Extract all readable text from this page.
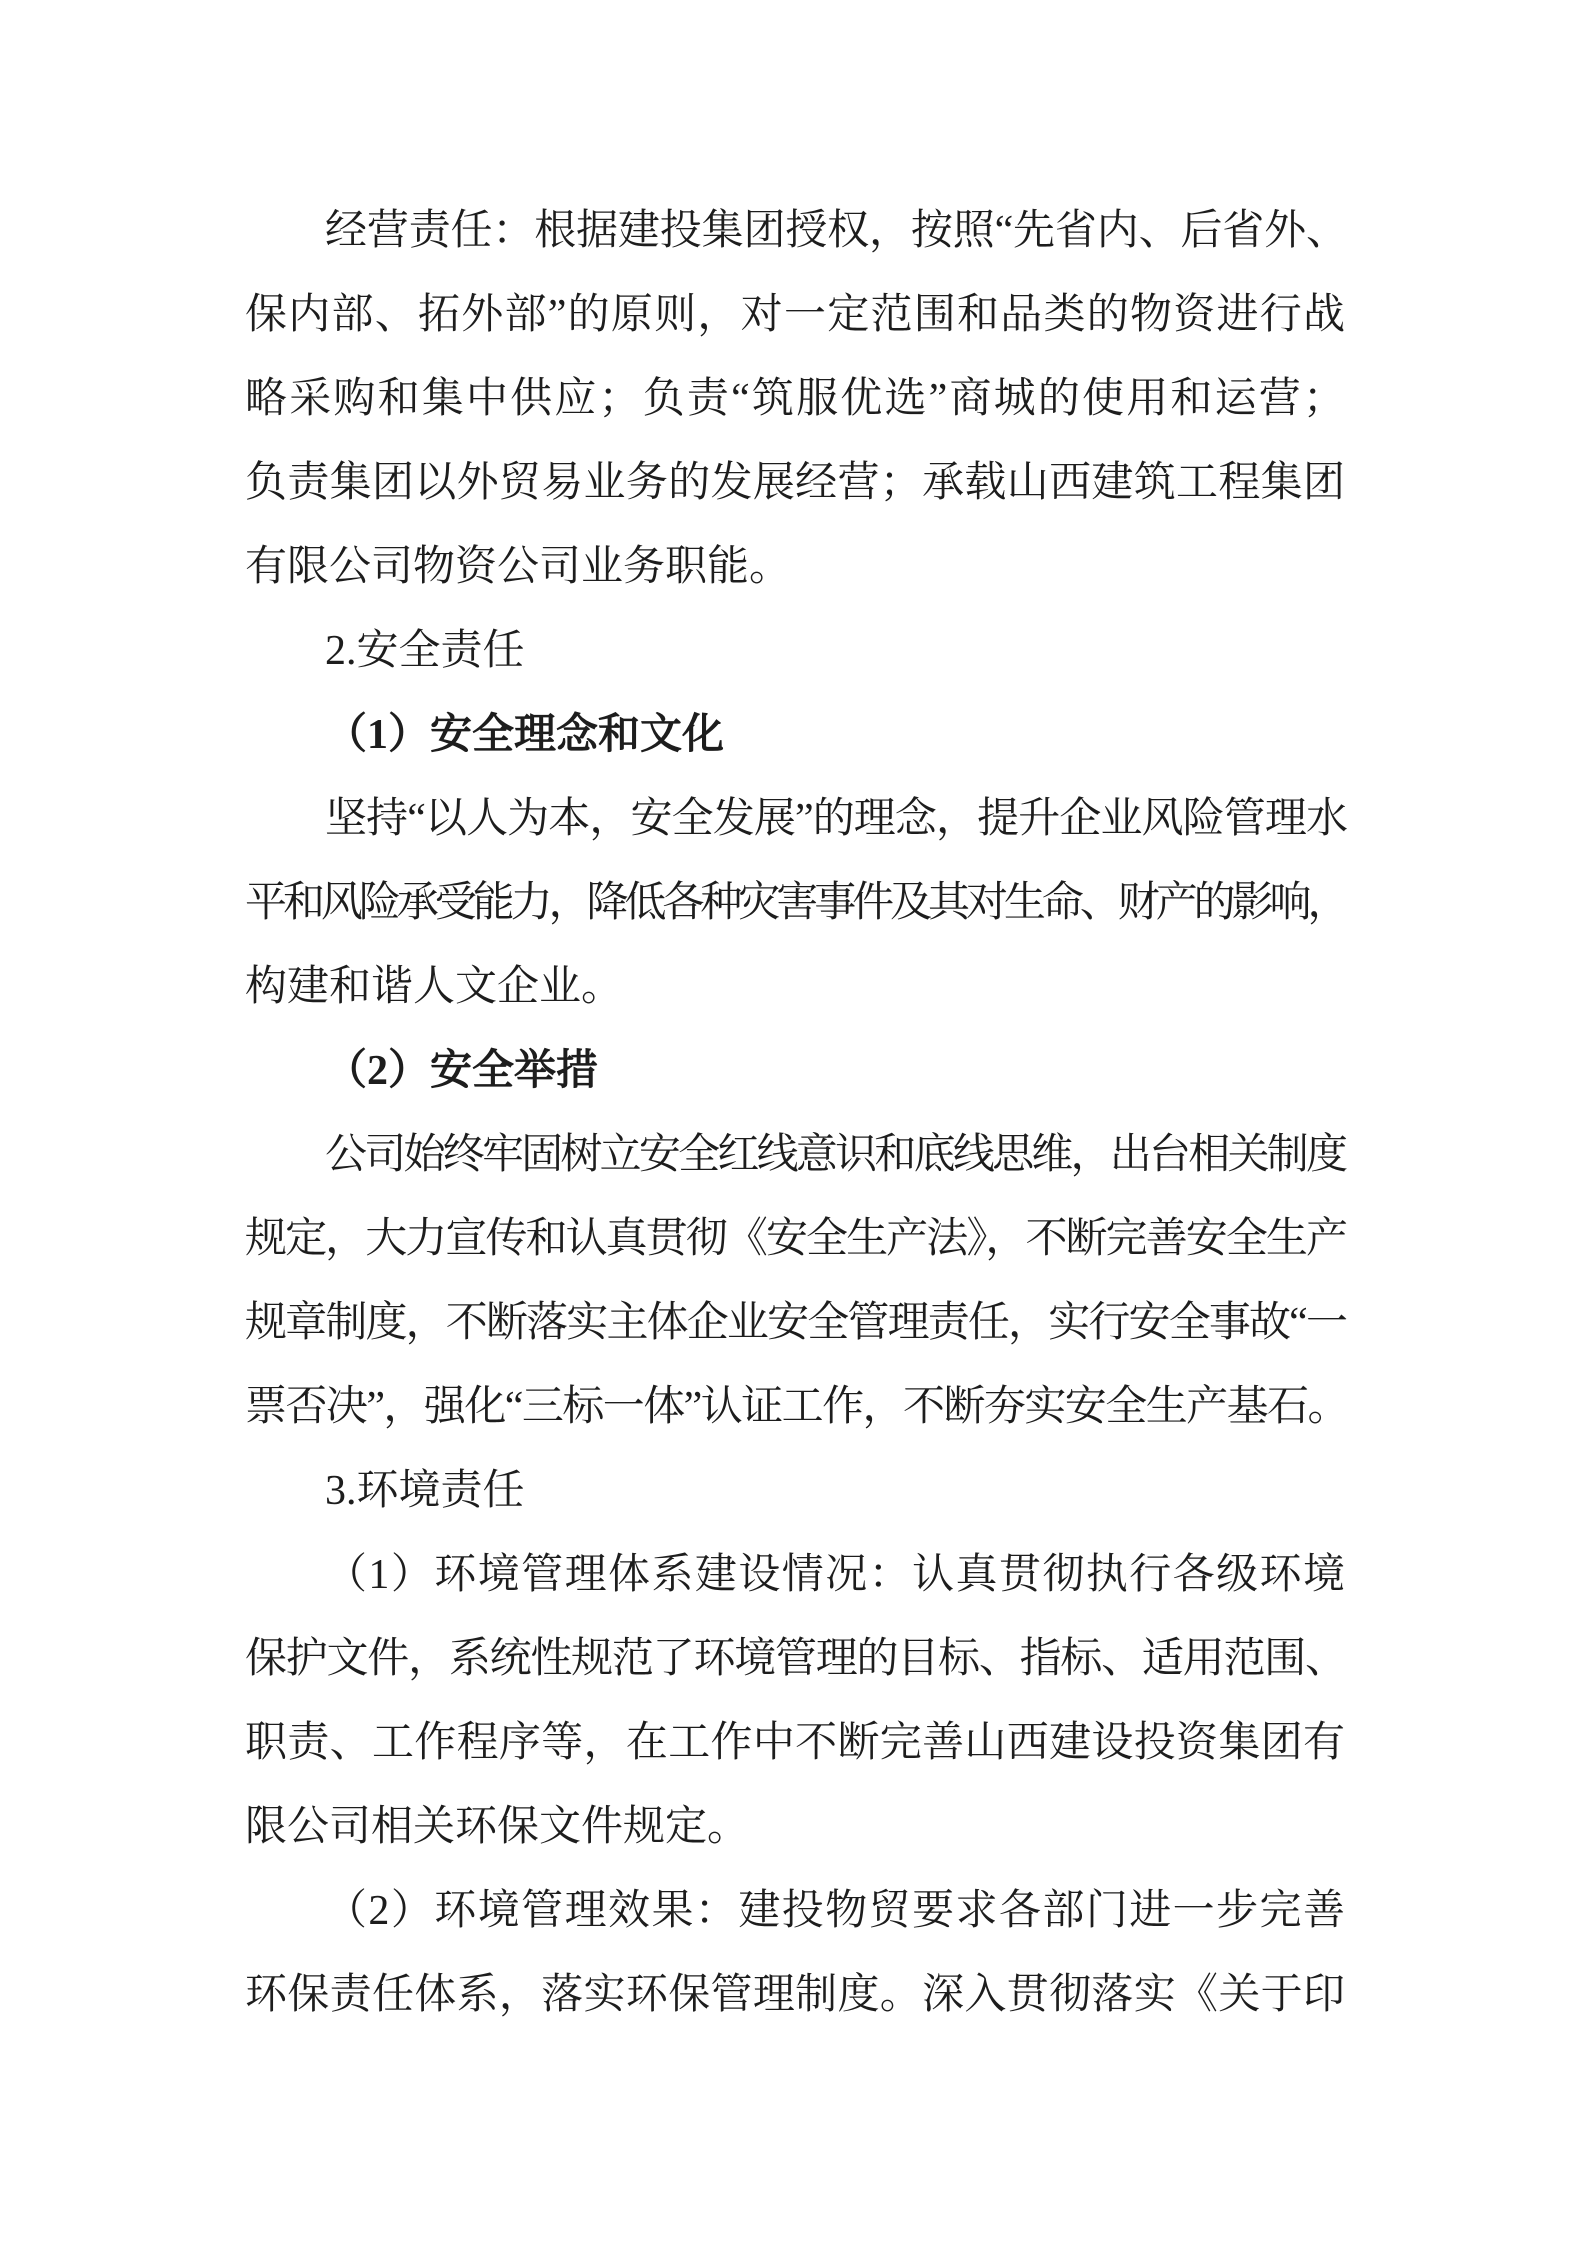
经营责任：根据建投集团授权，按照“先省内、后省外、
保内部、拓外部”的原则，对一定范围和品类的物资进行战
略采购和集中供应；负责“筑服优选”商城的使用和运营；
负责集团以外贸易业务的发展经营；承载山西建筑工程集团
有限公司物资公司业务职能。
2.安全责任
（1）安全理念和文化
坚持“以人为本，安全发展”的理念，提升企业风险管理水
平和风险承受能力，降低各种灾害事件及其对生命、财产的影响，
构建和谐人文企业。
（2）安全举措
公司始终牢固树立安全红线意识和底线思维，出台相关制度
规定，大力宣传和认真贯彻《安全生产法》，不断完善安全生产
规章制度，不断落实主体企业安全管理责任，实行安全事故“一
票否决”，强化“三标一体”认证工作，不断夯实安全生产基石。
3.环境责任
（1）环境管理体系建设情况：认真贯彻执行各级环境
保护文件，系统性规范了环境管理的目标、指标、适用范围、
职责、工作程序等，在工作中不断完善山西建设投资集团有
限公司相关环保文件规定。
（2）环境管理效果：建投物贸要求各部门进一步完善
环保责任体系，落实环保管理制度。深入贯彻落实《关于印
